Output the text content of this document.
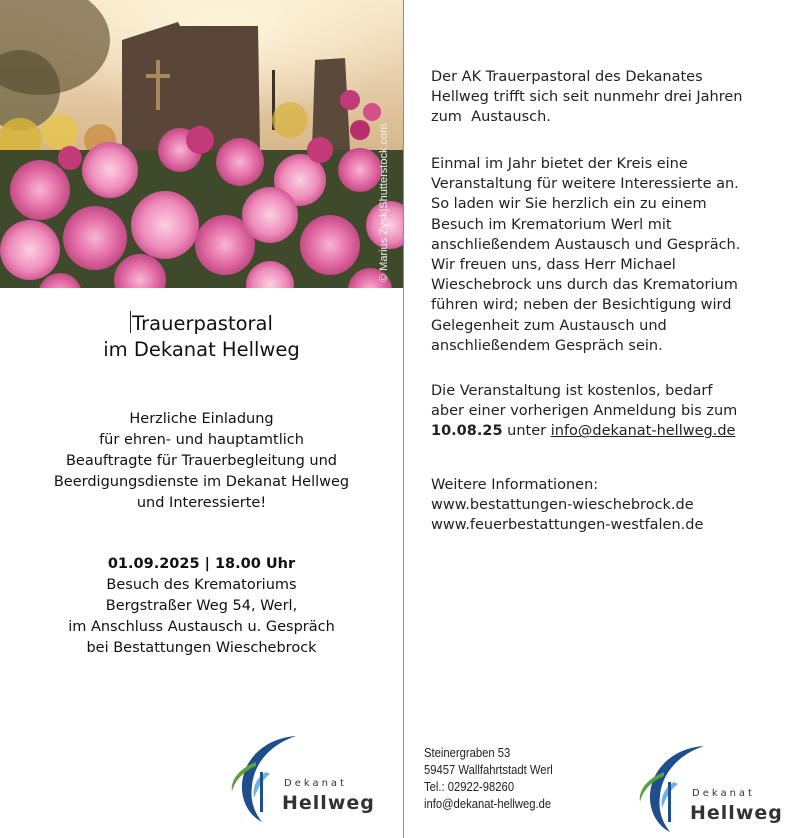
© Marius Zysk|Shutterstock.com
Trauerpastoral
im Dekanat Hellweg
Herzliche Einladung
für ehren- und hauptamtlich
Beauftragte für Trauerbegleitung und
Beerdigungsdienste im Dekanat Hellweg
und Interessierte!
01.09.2025 | 18.00 Uhr
Besuch des Krematoriums
Bergstraßer Weg 54, Werl,
im Anschluss Austausch u. Gespräch
bei Bestattungen Wieschebrock
Dekanat
Hellweg
Der AK Trauerpastoral des Dekanates
Hellweg trifft sich seit nunmehr drei Jahren
zum  Austausch.
Einmal im Jahr bietet der Kreis eine
Veranstaltung für weitere Interessierte an.
So laden wir Sie herzlich ein zu einem
Besuch im Krematorium Werl mit
anschließendem Austausch und Gespräch.
Wir freuen uns, dass Herr Michael
Wieschebrock uns durch das Krematorium
führen wird; neben der Besichtigung wird
Gelegenheit zum Austausch und
anschließendem Gespräch sein.
Die Veranstaltung ist kostenlos, bedarf
aber einer vorherigen Anmeldung bis zum
10.08.25 unter info@dekanat-hellweg.de
Weitere Informationen:
www.bestattungen-wieschebrock.de
www.feuerbestattungen-westfalen.de
Steinergraben 53
59457 Wallfahrtstadt Werl
Tel.: 02922-98260
info@dekanat-hellweg.de
Dekanat
Hellweg
